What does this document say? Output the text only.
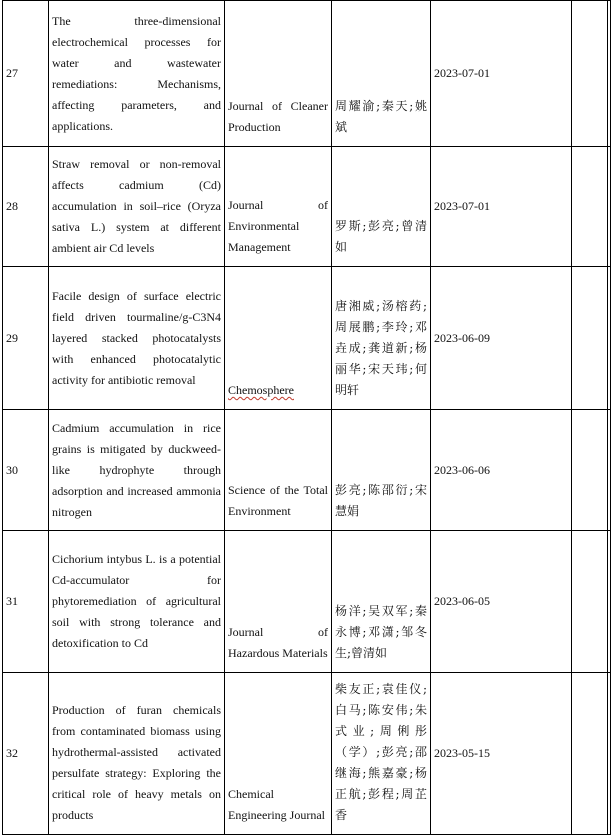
27	The three-dimensional electrochemical processes for water and wastewater remediations: Mechanisms, affecting parameters, and applications.	Journal of Cleaner Production	周耀渝;秦天;姚斌	2023-07-01		

28	Straw removal or non-removal affects cadmium (Cd) accumulation in soil–rice (Oryza sativa L.) system at different ambient air Cd levels	Journal of Environmental Management	罗斯;彭亮;曾清如	2023-07-01		

29	Facile design of surface electric field driven tourmaline/g-C3N4 layered stacked photocatalysts with enhanced photocatalytic activity for antibiotic removal	Chemosphere	唐湘威;汤榕药;周展鹏;李玲;邓垚成;龚道新;杨丽华;宋天玮;何明轩	2023-06-09		

30	Cadmium accumulation in rice grains is mitigated by duckweed-like hydrophyte through adsorption and increased ammonia nitrogen	Science of the Total Environment	彭亮;陈邵衍;宋慧娟	2023-06-06		

31	Cichorium intybus L. is a potential Cd-accumulator for phytoremediation of agricultural soil with strong tolerance and detoxification to Cd	Journal of Hazardous Materials	杨洋;吴双军;秦永博;邓潇;邹冬生;曾清如	2023-06-05		

32	Production of furan chemicals from contaminated biomass using hydrothermal-assisted activated persulfate strategy: Exploring the critical role of heavy metals on products	Chemical Engineering Journal	柴友正;袁佳仪;白马;陈安伟;朱式业;周俐彤（学）;彭亮;邵继海;熊嘉豪;杨正航;彭程;周芷香	2023-05-15		
